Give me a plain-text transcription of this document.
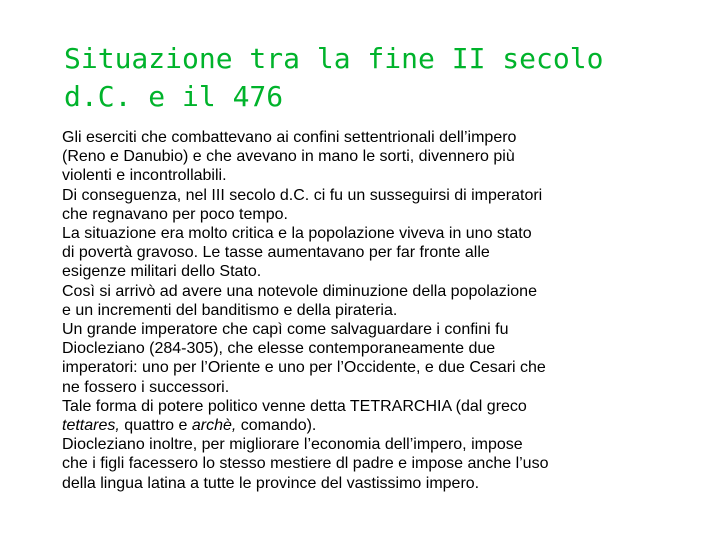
Situazione tra la fine II secolo
d.C. e il 476

Gli eserciti che combattevano ai confini settentrionali dell’impero
(Reno e Danubio) e che avevano in mano le sorti, divennero più
violenti e incontrollabili.

Di conseguenza, nel III secolo d.C. ci fu un susseguirsi di imperatori
che regnavano per poco tempo.

La situazione era molto critica e la popolazione viveva in uno stato
di povertà gravoso. Le tasse aumentavano per far fronte alle
esigenze militari dello Stato.

Così si arrivò ad avere una notevole diminuzione della popolazione
e un incrementi del banditismo e della pirateria.

Un grande imperatore che capì come salvaguardare i confini fu
Diocleziano (284-305), che elesse contemporaneamente due
imperatori: uno per l’Oriente e uno per l’Occidente, e due Cesari che
ne fossero i successori.

Tale forma di potere politico venne detta TETRARCHIA (dal greco
tettares, quattro e archè, comando).

Diocleziano inoltre, per migliorare l’economia dell’impero, impose
che i figli facessero lo stesso mestiere dl padre e impose anche l’uso
della lingua latina a tutte le province del vastissimo impero.
